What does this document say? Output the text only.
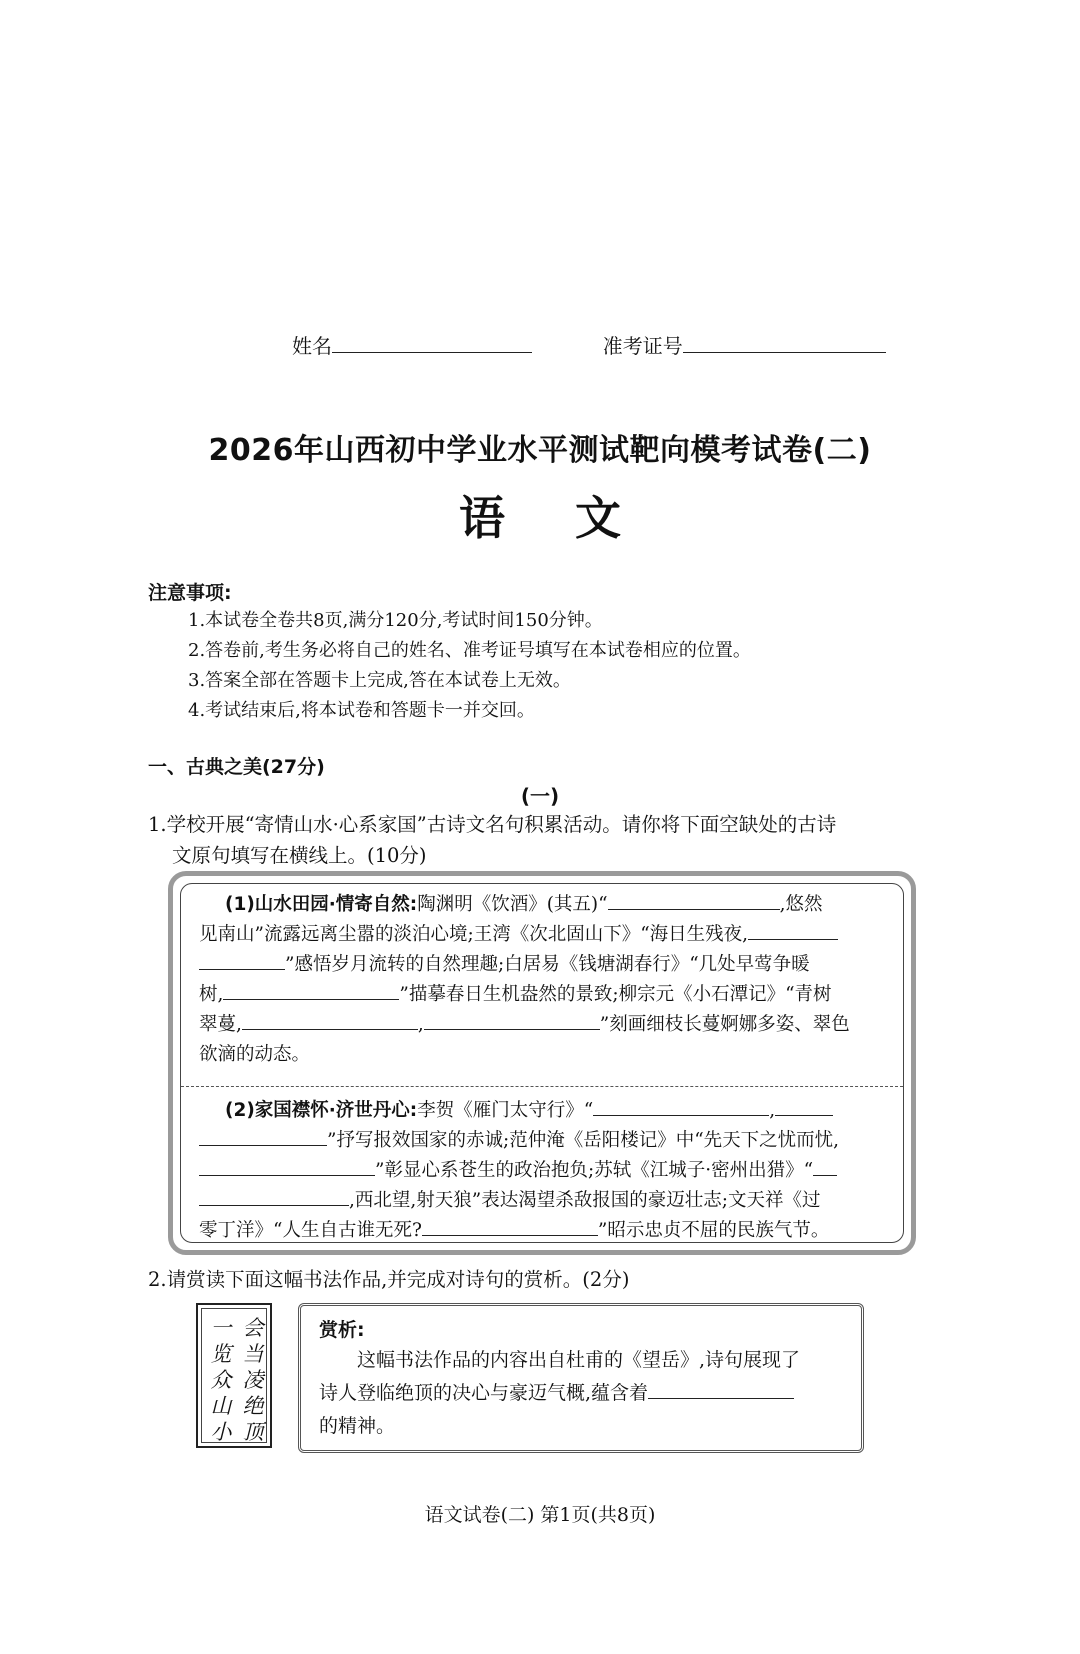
姓名	准考证号
2026年山西初中学业水平测试靶向模考试卷(二)
语文
注意事项:
1.本试卷全卷共8页,满分120分,考试时间150分钟。
2.答卷前,考生务必将自己的姓名、准考证号填写在本试卷相应的位置。
3.答案全部在答题卡上完成,答在本试卷上无效。
4.考试结束后,将本试卷和答题卡一并交回。
一、古典之美(27分)
(一)
1.学校开展“寄情山水·心系家国”古诗文名句积累活动。请你将下面空缺处的古诗
文原句填写在横线上。(10分)
(1)山水田园·情寄自然:陶渊明《饮酒》(其五)“	,悠然
见南山”流露远离尘嚣的淡泊心境;王湾《次北固山下》“海日生残夜,
”感悟岁月流转的自然理趣;白居易《钱塘湖春行》“几处早莺争暖
树,	”描摹春日生机盎然的景致;柳宗元《小石潭记》“青树
翠蔓,	,	”刻画细枝长蔓婀娜多姿、翠色
欲滴的动态。
(2)家国襟怀·济世丹心:李贺《雁门太守行》“	,
”抒写报效国家的赤诚;范仲淹《岳阳楼记》中“先天下之忧而忧,
”彰显心系苍生的政治抱负;苏轼《江城子·密州出猎》“
,西北望,射天狼”表达渴望杀敌报国的豪迈壮志;文天祥《过
零丁洋》“人生自古谁无死?	”昭示忠贞不屈的民族气节。
2.请赏读下面这幅书法作品,并完成对诗句的赏析。(2分)
会当凌绝顶
一览众山小
赏析:
这幅书法作品的内容出自杜甫的《望岳》,诗句展现了
诗人登临绝顶的决心与豪迈气概,蕴含着
的精神。
语文试卷(二) 第1页(共8页)
